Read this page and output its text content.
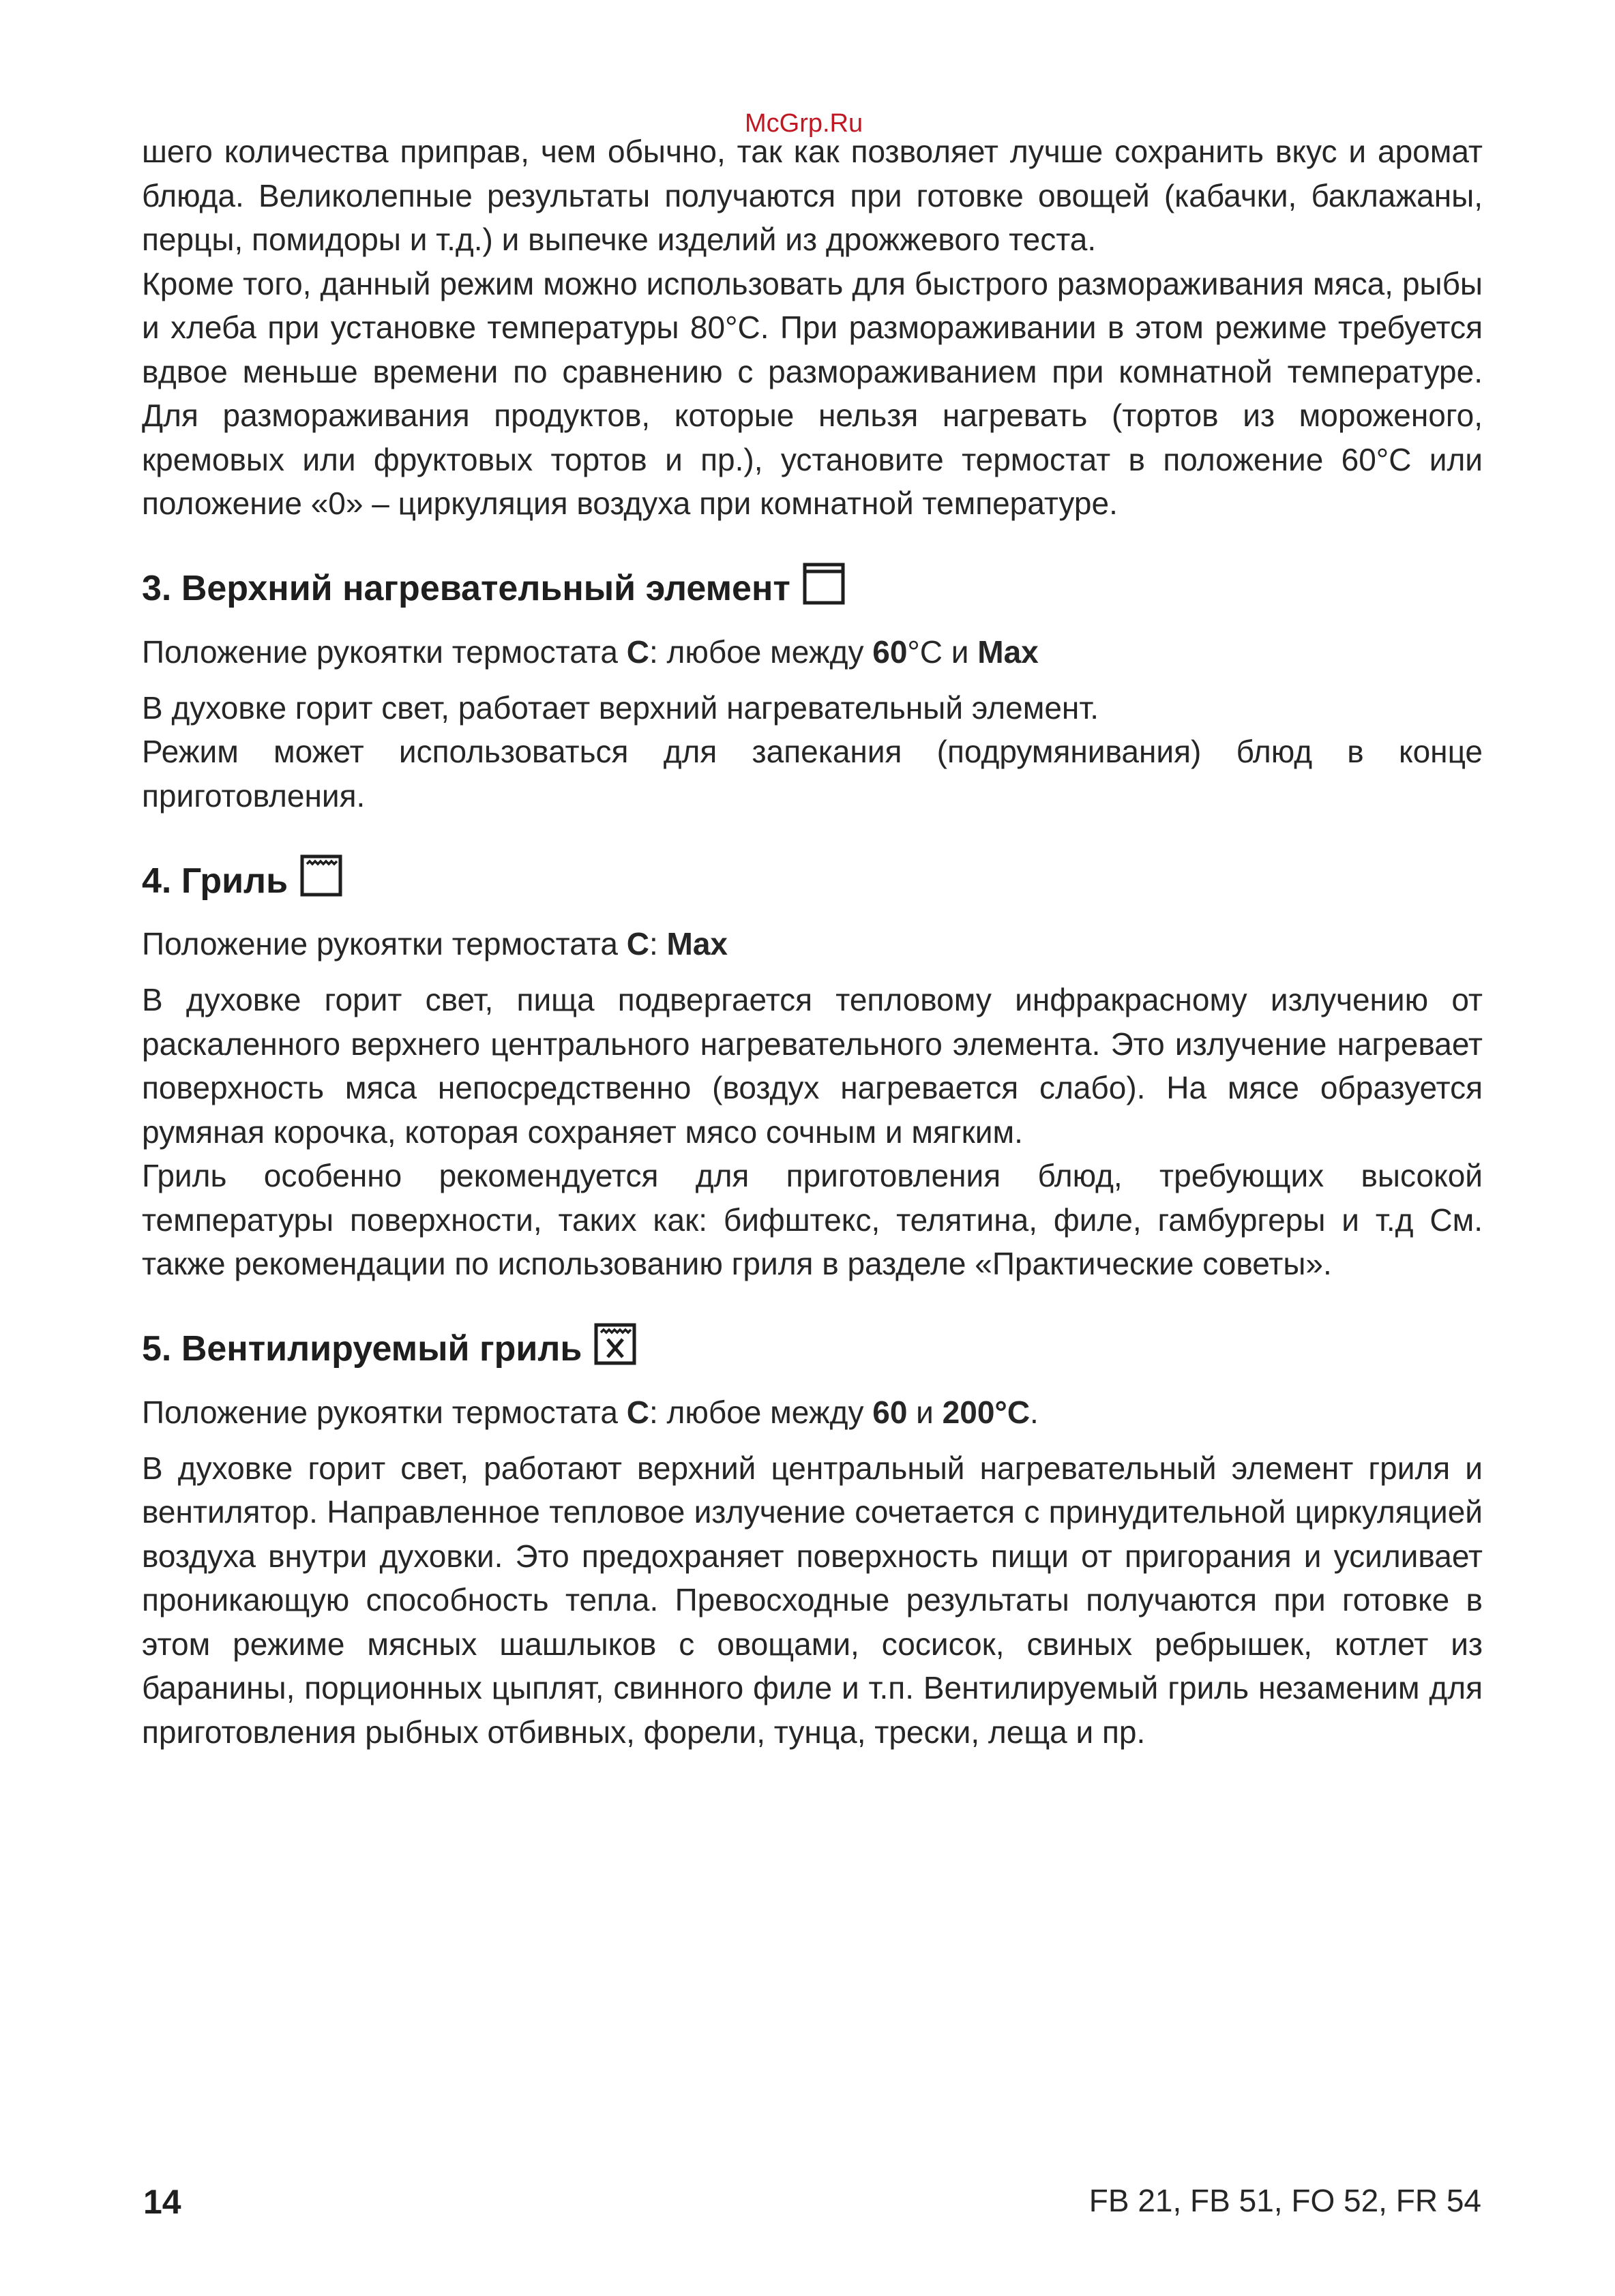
McGrp.Ru

шего количества приправ, чем обычно, так как позволяет лучше сохранить вкус и аромат блюда. Великолепные результаты получаются при готовке овощей (кабачки, баклажаны, перцы, помидоры и т.д.) и выпечке изделий из дрожжевого теста.

Кроме того, данный режим можно использовать для быстрого размораживания мяса, рыбы и хлеба при установке температуры 80°С. При размораживании в этом режиме требуется вдвое меньше времени по сравнению с размораживанием при комнатной температуре. Для размораживания продуктов, которые нельзя нагревать (тортов из мороженого, кремовых или фруктовых тортов и пр.), установите термостат в положение 60°С или положение «0» – циркуляция воздуха при комнатной температуре.

3. Верхний нагревательный элемент

Положение рукоятки термостата С: любое между 60°С и Max

В духовке горит свет, работает верхний нагревательный элемент.

Режим может использоваться для запекания (подрумянивания) блюд в конце приготовления.

4. Гриль

Положение рукоятки термостата С: Max

В духовке горит свет, пища подвергается тепловому инфракрасному излучению от раскаленного верхнего центрального нагревательного элемента. Это излучение нагревает поверхность мяса непосредственно (воздух нагревается слабо). На мясе образуется румяная корочка, которая сохраняет мясо сочным и мягким.

Гриль особенно рекомендуется для приготовления блюд, требующих высокой температуры поверхности, таких как: бифштекс, телятина, филе, гамбургеры и т.д См. также рекомендации по использованию гриля в разделе «Практические советы».

5. Вентилируемый гриль

Положение рукоятки термостата С: любое между 60 и 200°С.

В духовке горит свет, работают верхний центральный нагревательный элемент гриля и вентилятор. Направленное тепловое излучение сочетается с принудительной циркуляцией воздуха внутри духовки. Это предохраняет поверхность пищи от пригорания и усиливает проникающую способность тепла. Превосходные результаты получаются при готовке в этом режиме мясных шашлыков с овощами, сосисок, свиных ребрышек, котлет из баранины, порционных цыплят, свинного филе и т.п. Вентилируемый гриль незаменим для приготовления рыбных отбивных, форели, тунца, трески, леща и пр.

14	FB 21, FB 51, FO 52, FR 54
